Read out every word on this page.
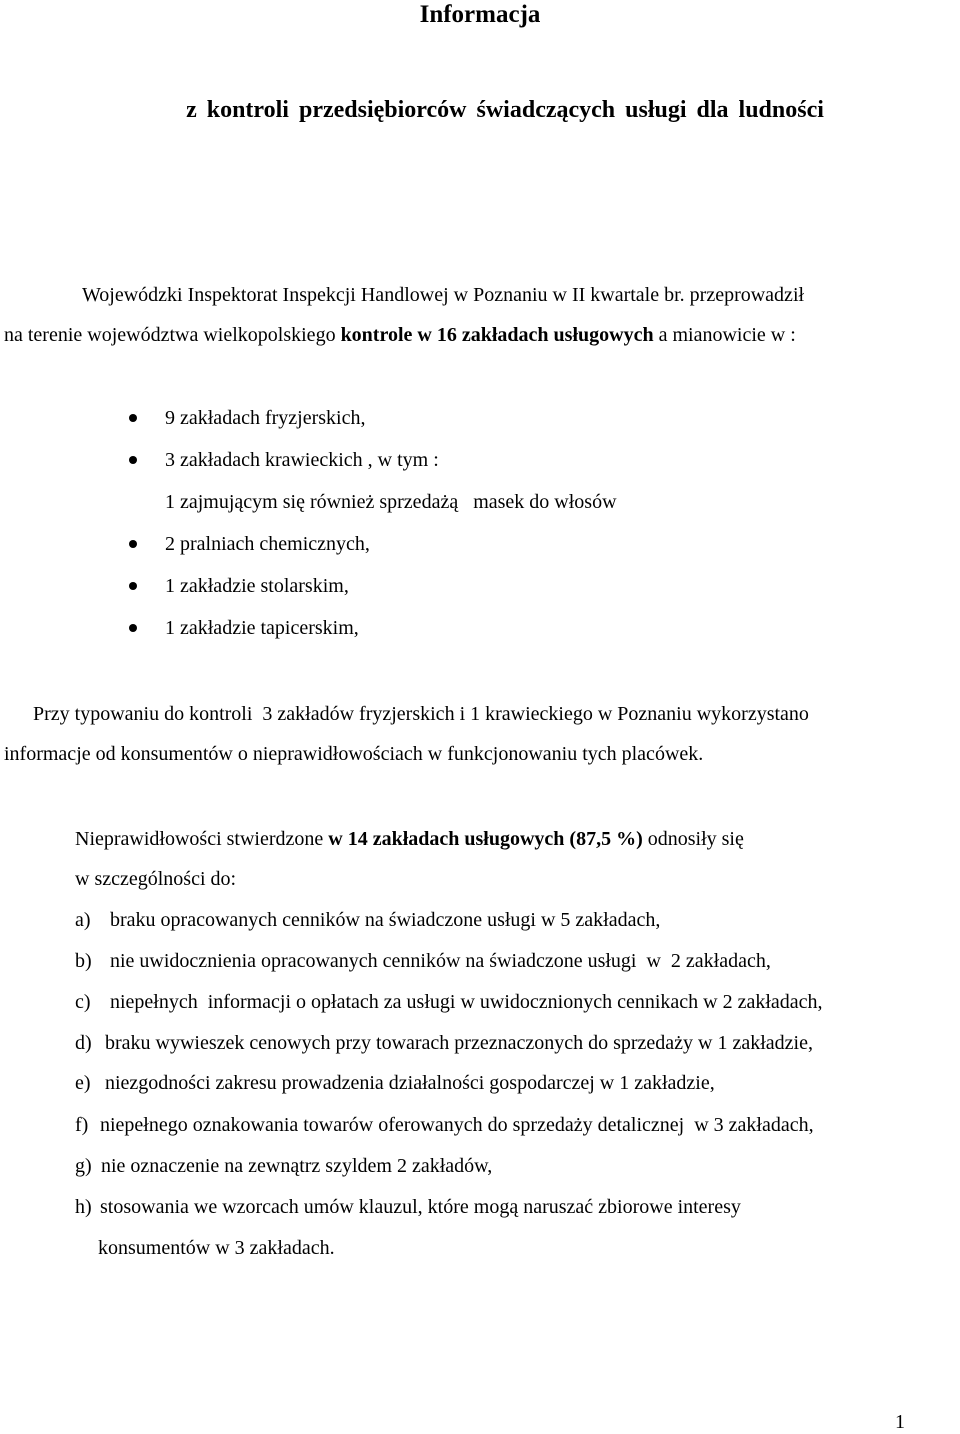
Informacja
z kontroli przedsiębiorców świadczących usługi dla ludności
Wojewódzki Inspektorat Inspekcji Handlowej w Poznaniu w II kwartale br. przeprowadził
na terenie województwa wielkopolskiego kontrole w 16 zakładach usługowych a mianowicie w :
9 zakładach fryzjerskich,
3 zakładach krawieckich , w tym :
1 zajmującym się również sprzedażą   masek do włosów
2 pralniach chemicznych,
1 zakładzie stolarskim,
1 zakładzie tapicerskim,
Przy typowaniu do kontroli  3 zakładów fryzjerskich i 1 krawieckiego w Poznaniu wykorzystano
informacje od konsumentów o nieprawidłowościach w funkcjonowaniu tych placówek.
Nieprawidłowości stwierdzone w 14 zakładach usługowych (87,5 %) odnosiły się
w szczególności do:
a) braku opracowanych cenników na świadczone usługi w 5 zakładach,
b) nie uwidocznienia opracowanych cenników na świadczone usługi  w  2 zakładach,
c) niepełnych  informacji o opłatach za usługi w uwidocznionych cennikach w 2 zakładach,
d) braku wywieszek cenowych przy towarach przeznaczonych do sprzedaży w 1 zakładzie,
e) niezgodności zakresu prowadzenia działalności gospodarczej w 1 zakładzie,
f) niepełnego oznakowania towarów oferowanych do sprzedaży detalicznej  w 3 zakładach,
g) nie oznaczenie na zewnątrz szyldem 2 zakładów,
h) stosowania we wzorcach umów klauzul, które mogą naruszać zbiorowe interesy
konsumentów w 3 zakładach.
1
